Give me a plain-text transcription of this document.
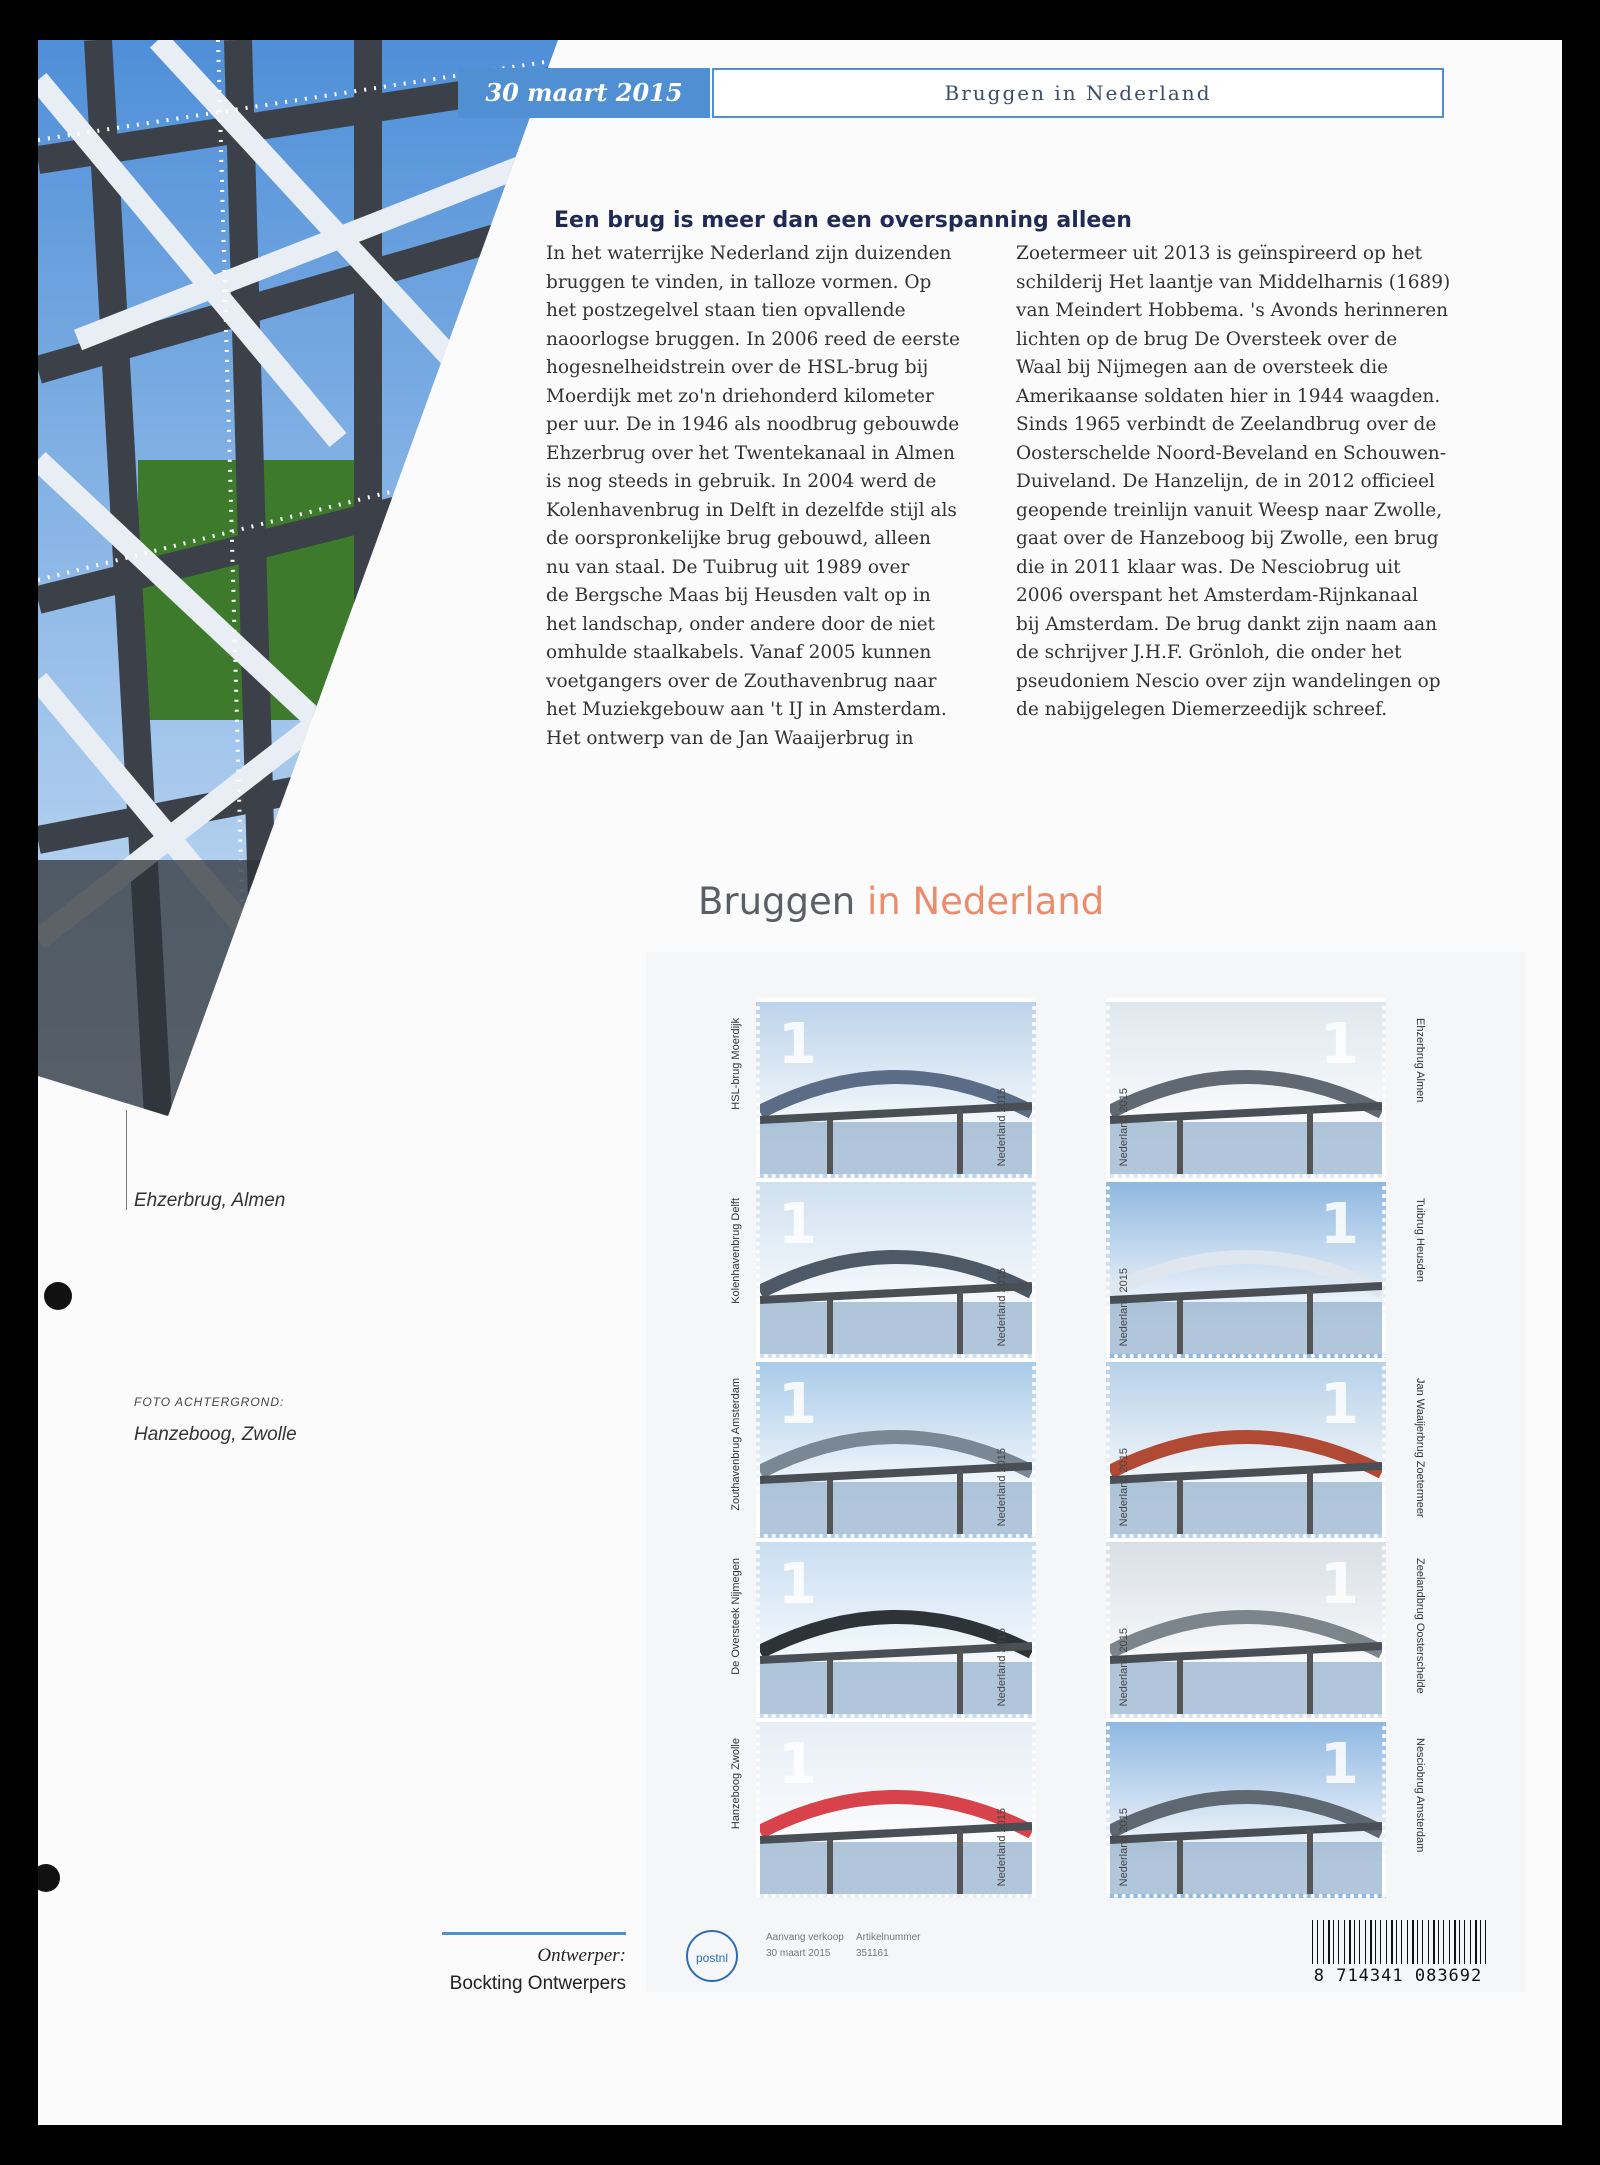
30 maart 2015	Bruggen in Nederland
Een brug is meer dan een overspanning alleen

In het waterrijke Nederland zijn duizenden

bruggen te vinden, in talloze vormen. Op

het postzegelvel staan tien opvallende

naoorlogse bruggen. In 2006 reed de eerste

hogesnelheidstrein over de HSL-brug bij

Moerdijk met zo'n driehonderd kilometer

per uur. De in 1946 als noodbrug gebouwde

Ehzerbrug over het Twentekanaal in Almen

is nog steeds in gebruik. In 2004 werd de

Kolenhavenbrug in Delft in dezelfde stijl als

de oorspronkelijke brug gebouwd, alleen

nu van staal. De Tuibrug uit 1989 over

de Bergsche Maas bij Heusden valt op in

het landschap, onder andere door de niet

omhulde staalkabels. Vanaf 2005 kunnen

voetgangers over de Zouthavenbrug naar

het Muziekgebouw aan 't IJ in Amsterdam.

Het ontwerp van de Jan Waaijerbrug in

Zoetermeer uit 2013 is geïnspireerd op het

schilderij Het laantje van Middelharnis (1689)

van Meindert Hobbema. 's Avonds herinneren

lichten op de brug De Oversteek over de

Waal bij Nijmegen aan de oversteek die

Amerikaanse soldaten hier in 1944 waagden.

Sinds 1965 verbindt de Zeelandbrug over de

Oosterschelde Noord-Beveland en Schouwen-

Duiveland. De Hanzelijn, de in 2012 officieel

geopende treinlijn vanuit Weesp naar Zwolle,

gaat over de Hanzeboog bij Zwolle, een brug

die in 2011 klaar was. De Nesciobrug uit

2006 overspant het Amsterdam-Rijnkanaal

bij Amsterdam. De brug dankt zijn naam aan

de schrijver J.H.F. Grönloh, die onder het

pseudoniem Nescio over zijn wandelingen op

de nabijgelegen Diemerzeedijk schreef.

Ehzerbrug, Almen
FOTO ACHTERGROND:
Hanzeboog, Zwolle
Ontwerper:
Bockting Ontwerpers
Bruggen in Nederland
postnl
Aanvang verkoop
30 maart 2015
Artikelnummer
351161
8 714341 083692
1
Nederland 2015
HSL-brug Moerdijk	1
Nederland 2015	Ehzerbrug Almen
1
Nederland 2015
Kolenhavenbrug Delft	1
Nederland 2015	Tuibrug Heusden
1
Nederland 2015
Zouthavenbrug Amsterdam	1
Nederland 2015	Jan Waaijerbrug Zoetermeer
1
Nederland 2015
De Oversteek Nijmegen	1
Nederland 2015	Zeelandbrug Oosterschelde
1
Nederland 2015
Hanzeboog Zwolle	1
Nederland 2015	Nesciobrug Amsterdam
